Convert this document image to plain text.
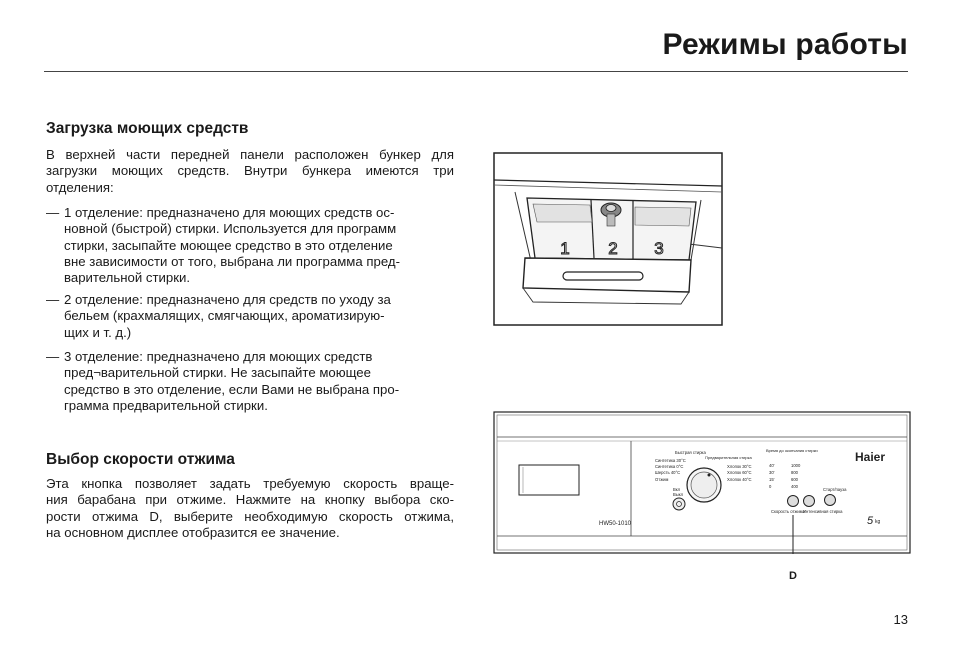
Режимы работы
Загрузка моющих средств
В верхней части передней панели расположен бункер для
загрузки моющих средств. Внутри бункера имеются три
отделения:
— 1 отделение: предназначено для моющих средств ос-
новной (быстрой) стирки. Используется для программ
стирки, засыпайте моющее средство в это отделение
вне зависимости от того, выбрана ли программа пред-
варительной стирки.
— 2 отделение: предназначено для средств по уходу за
бельем (крахмалящих, смягчающих, ароматизирую-
щих и т. д.)
— 3 отделение: предназначено для моющих средств
пред¬варительной стирки. Не засыпайте моющее
средство в это отделение, если Вами не выбрана про-
грамма предварительной стирки.
Выбор скорости отжима
Эта кнопка позволяет задать требуемую скорость враще-
ния барабана при отжиме. Нажмите на кнопку выбора ско-
рости отжима D, выберите необходимую скорость отжима,
на основном дисплее отобразится ее значение.
1 2 3
HW50-1010
Быстрая стирка
Предварительная стирка
Время до окончания стирки
Старт/пауза
Синтетика 30°C
Синтетика 0°C
Шерсть 40°C
Отжим
Хлопок 30°C
Хлопок 60°C
Хлопок 40°C
Вкл
Выкл
40'
30'
15'
0
1000
800
600
400
Скорость отжима
Интенсивная стирка
Haier
5 kg
D
13
